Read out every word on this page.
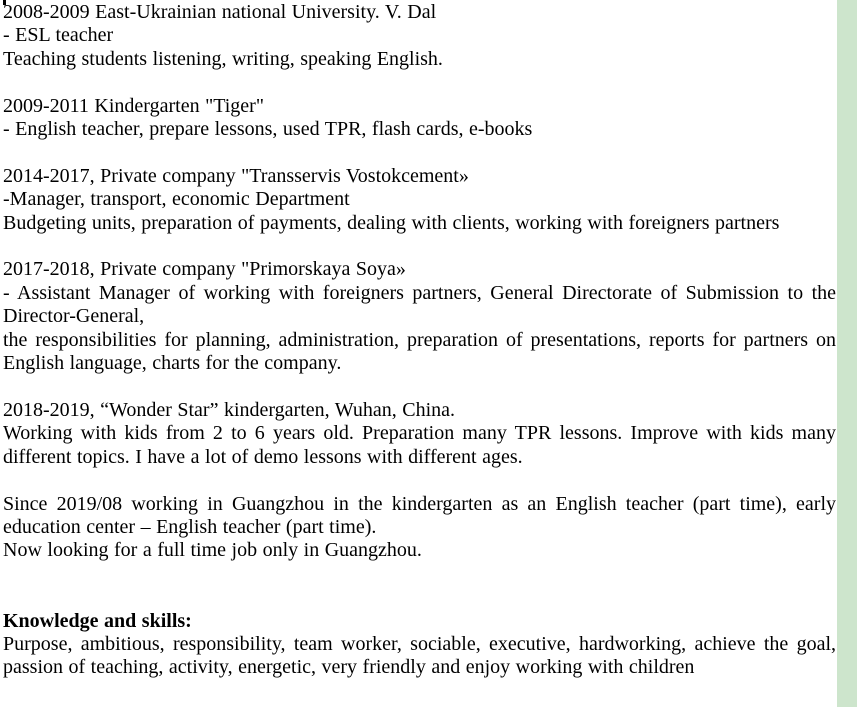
2008-2009 East-Ukrainian national University. V. Dal

- ESL teacher

Teaching students listening, writing, speaking English.

2009-2011 Kindergarten "Tiger"

- English teacher, prepare lessons, used TPR, flash cards, e-books

2014-2017, Private company "Transservis Vostokcement»

-Manager, transport, economic Department

Budgeting units, preparation of payments, dealing with clients, working with foreigners partners

2017-2018, Private company "Primorskaya Soya»

- Assistant Manager of working with foreigners partners, General Directorate of Submission to the Director-General,

the responsibilities for planning, administration, preparation of presentations, reports for partners on English language, charts for the company.

2018-2019, “Wonder Star” kindergarten, Wuhan, China.

Working with kids from 2 to 6 years old. Preparation many TPR lessons. Improve with kids many different topics. I have a lot of demo lessons with different ages.

Since 2019/08 working in Guangzhou in the kindergarten as an English teacher (part time), early education center – English teacher (part time).

Now looking for a full time job only in Guangzhou.

Knowledge and skills:

Purpose, ambitious, responsibility, team worker, sociable, executive, hardworking, achieve the goal, passion of teaching, activity, energetic, very friendly and enjoy working with children
